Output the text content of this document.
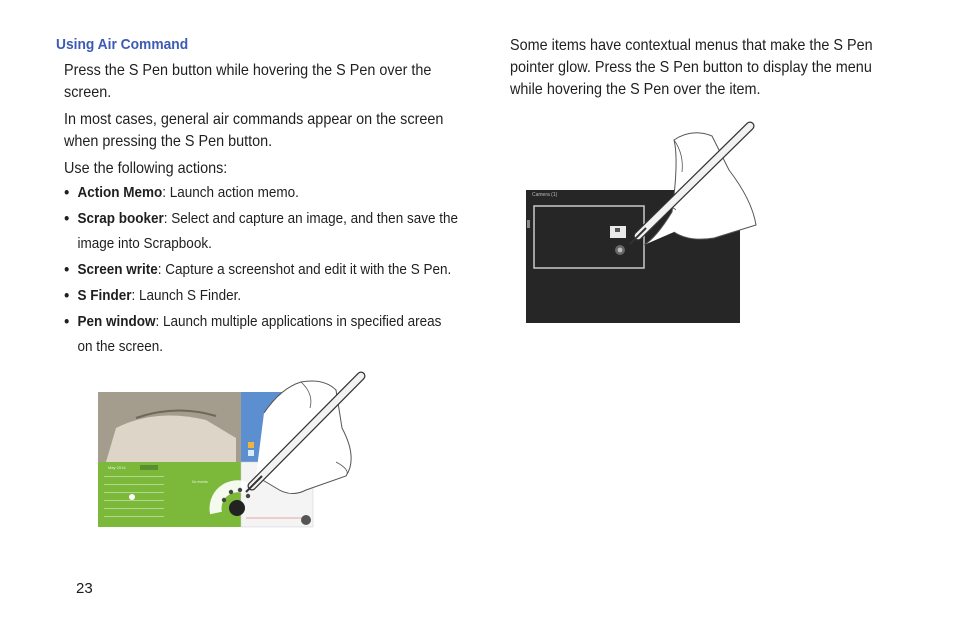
Using Air Command
Press the S Pen button while hovering the S Pen over the screen.
In most cases, general air commands appear on the screen when pressing the S Pen button.
Use the following actions:
• Action Memo: Launch action memo.
• Scrap booker: Select and capture an image, and then save the image into Scrapbook.
• Screen write: Capture a screenshot and edit it with the S Pen.
• S Finder: Launch S Finder.
• Pen window: Launch multiple applications in specified areas on the screen.
May 2014
No events
Some items have contextual menus that make the S Pen pointer glow. Press the S Pen button to display the menu while hovering the S Pen over the item.
Camera (1)
23
